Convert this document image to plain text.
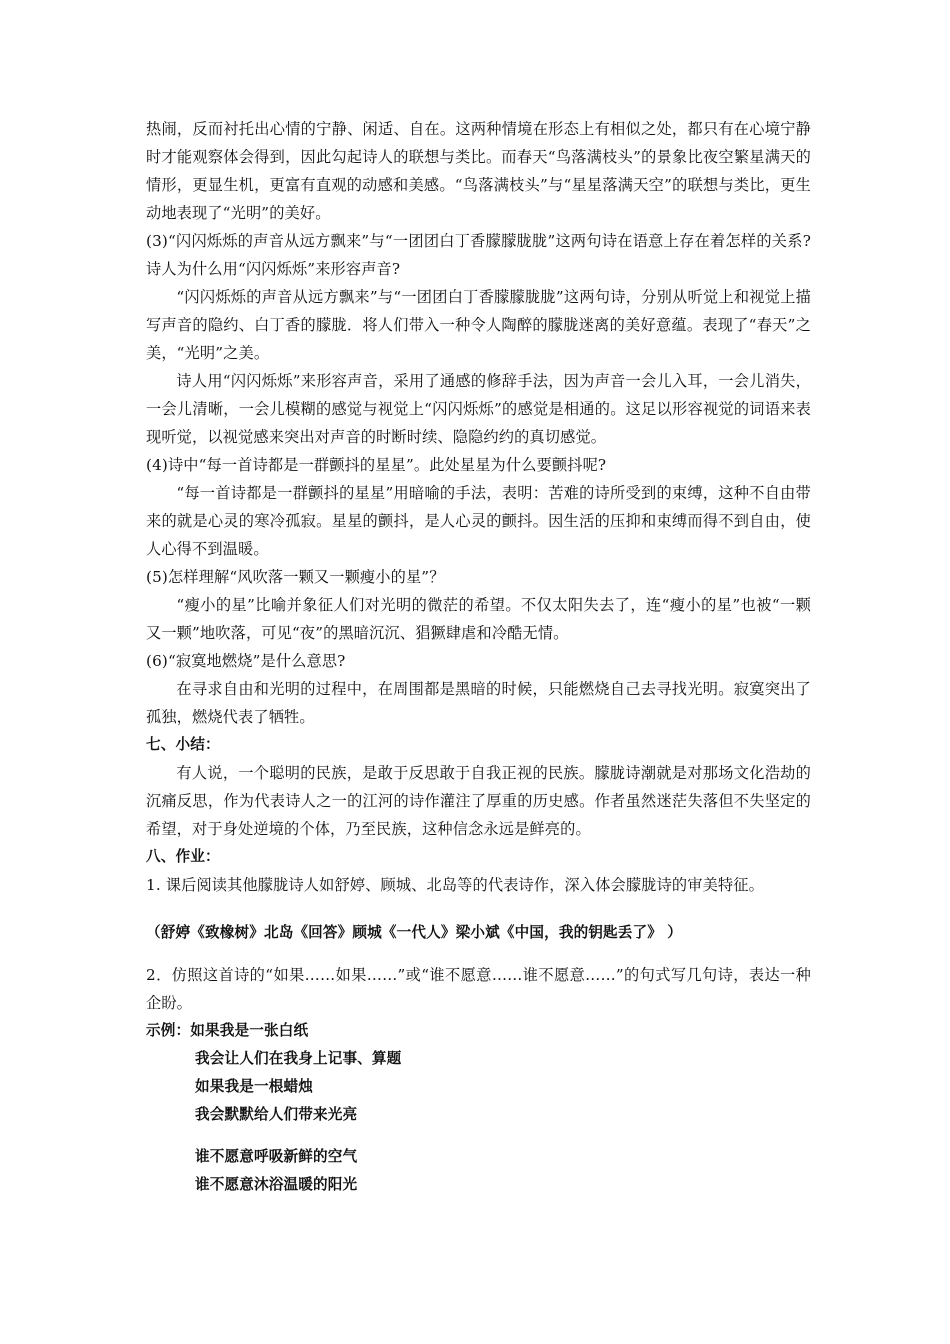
热闹，反而衬托出心情的宁静、闲适、自在。这两种情境在形态上有相似之处，都只有在心境宁静时才能观察体会得到，因此勾起诗人的联想与类比。而春天“鸟落满枝头”的景象比夜空繁星满天的情形，更显生机，更富有直观的动感和美感。“鸟落满枝头”与“星星落满天空”的联想与类比，更生动地表现了“光明”的美好。

(3)“闪闪烁烁的声音从远方飘来”与“一团团白丁香朦朦胧胧”这两句诗在语意上存在着怎样的关系?诗人为什么用“闪闪烁烁”来形容声音?

“闪闪烁烁的声音从远方飘来”与“一团团白丁香朦朦胧胧”这两句诗，分别从听觉上和视觉上描写声音的隐约、白丁香的朦胧．将人们带入一种令人陶醉的朦胧迷离的美好意蕴。表现了“春天”之美，“光明”之美。

诗人用“闪闪烁烁”来形容声音，采用了通感的修辞手法，因为声音一会儿入耳，一会儿消失，一会儿清晰，一会儿模糊的感觉与视觉上“闪闪烁烁”的感觉是相通的。这足以形容视觉的词语来表现听觉，以视觉感来突出对声音的时断时续、隐隐约约的真切感觉。

(4)诗中“每一首诗都是一群颤抖的星星”。此处星星为什么要颤抖呢?

“每一首诗都是一群颤抖的星星”用暗喻的手法，表明：苦难的诗所受到的束缚，这种不自由带来的就是心灵的寒冷孤寂。星星的颤抖，是人心灵的颤抖。因生活的压抑和束缚而得不到自由，使人心得不到温暖。

(5)怎样理解“风吹落一颗又一颗瘦小的星”？

“瘦小的星”比喻并象征人们对光明的微茫的希望。不仅太阳失去了，连“瘦小的星”也被“一颗又一颗”地吹落，可见“夜”的黑暗沉沉、猖獗肆虐和冷酷无情。

(6)“寂寞地燃烧”是什么意思?

在寻求自由和光明的过程中，在周围都是黑暗的时候，只能燃烧自己去寻找光明。寂寞突出了孤独，燃烧代表了牺牲。

七、小结：

有人说，一个聪明的民族，是敢于反思敢于自我正视的民族。朦胧诗潮就是对那场文化浩劫的沉痛反思，作为代表诗人之一的江河的诗作灌注了厚重的历史感。作者虽然迷茫失落但不失坚定的希望，对于身处逆境的个体，乃至民族，这种信念永远是鲜亮的。

八、作业：

1. 课后阅读其他朦胧诗人如舒婷、顾城、北岛等的代表诗作，深入体会朦胧诗的审美特征。

（舒婷《致橡树》北岛《回答》顾城《一代人》梁小斌《中国，我的钥匙丢了》 ）

2．仿照这首诗的“如果……如果……”或“谁不愿意……谁不愿意……”的句式写几句诗，表达一种企盼。

示例：如果我是一张白纸

我会让人们在我身上记事、算题

如果我是一根蜡烛

我会默默给人们带来光亮

谁不愿意呼吸新鲜的空气

谁不愿意沐浴温暖的阳光
